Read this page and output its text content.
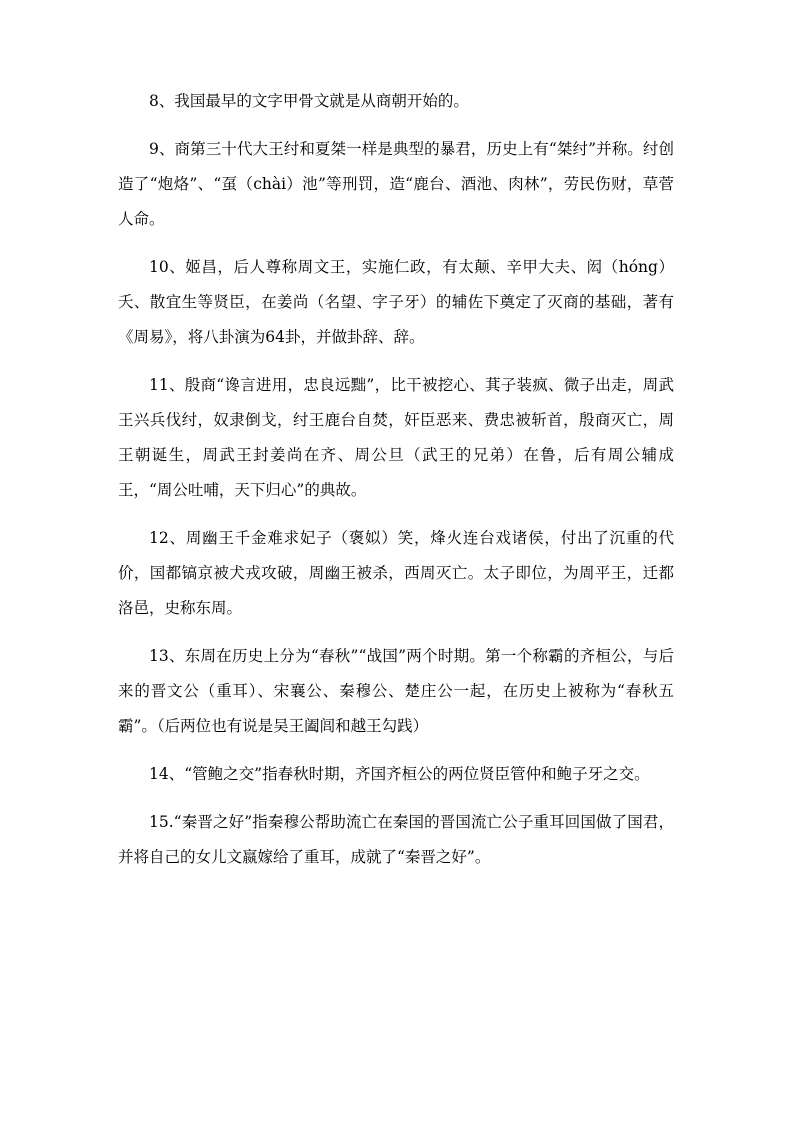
8、我国最早的文字甲骨文就是从商朝开始的。

9、商第三十代大王纣和夏桀一样是典型的暴君，历史上有“桀纣”并称。纣创造了“炮烙”、“虿（chài）池”等刑罚，造“鹿台、酒池、肉林”，劳民伤财，草菅人命。

10、姬昌，后人尊称周文王，实施仁政，有太颠、辛甲大夫、闳（hóng）夭、散宜生等贤臣，在姜尚（名望、字子牙）的辅佐下奠定了灭商的基础，著有《周易》，将八卦演为64卦，并做卦辞、辞。

11、殷商“谗言进用，忠良远黜”，比干被挖心、萁子装疯、微子出走，周武王兴兵伐纣，奴隶倒戈，纣王鹿台自焚，奸臣恶来、费忠被斩首，殷商灭亡，周王朝诞生，周武王封姜尚在齐、周公旦（武王的兄弟）在鲁，后有周公辅成王，“周公吐哺，天下归心”的典故。

12、周幽王千金难求妃子（褒姒）笑，烽火连台戏诸侯，付出了沉重的代价，国都镐京被犬戎攻破，周幽王被杀，西周灭亡。太子即位，为周平王，迁都洛邑，史称东周。

13、东周在历史上分为“春秋”“战国”两个时期。第一个称霸的齐桓公，与后来的晋文公（重耳）、宋襄公、秦穆公、楚庄公一起，在历史上被称为“春秋五霸”。（后两位也有说是吴王阖闾和越王勾践）

14、“管鲍之交”指春秋时期，齐国齐桓公的两位贤臣管仲和鲍子牙之交。

15.“秦晋之好”指秦穆公帮助流亡在秦国的晋国流亡公子重耳回国做了国君，并将自己的女儿文嬴嫁给了重耳，成就了“秦晋之好”。
